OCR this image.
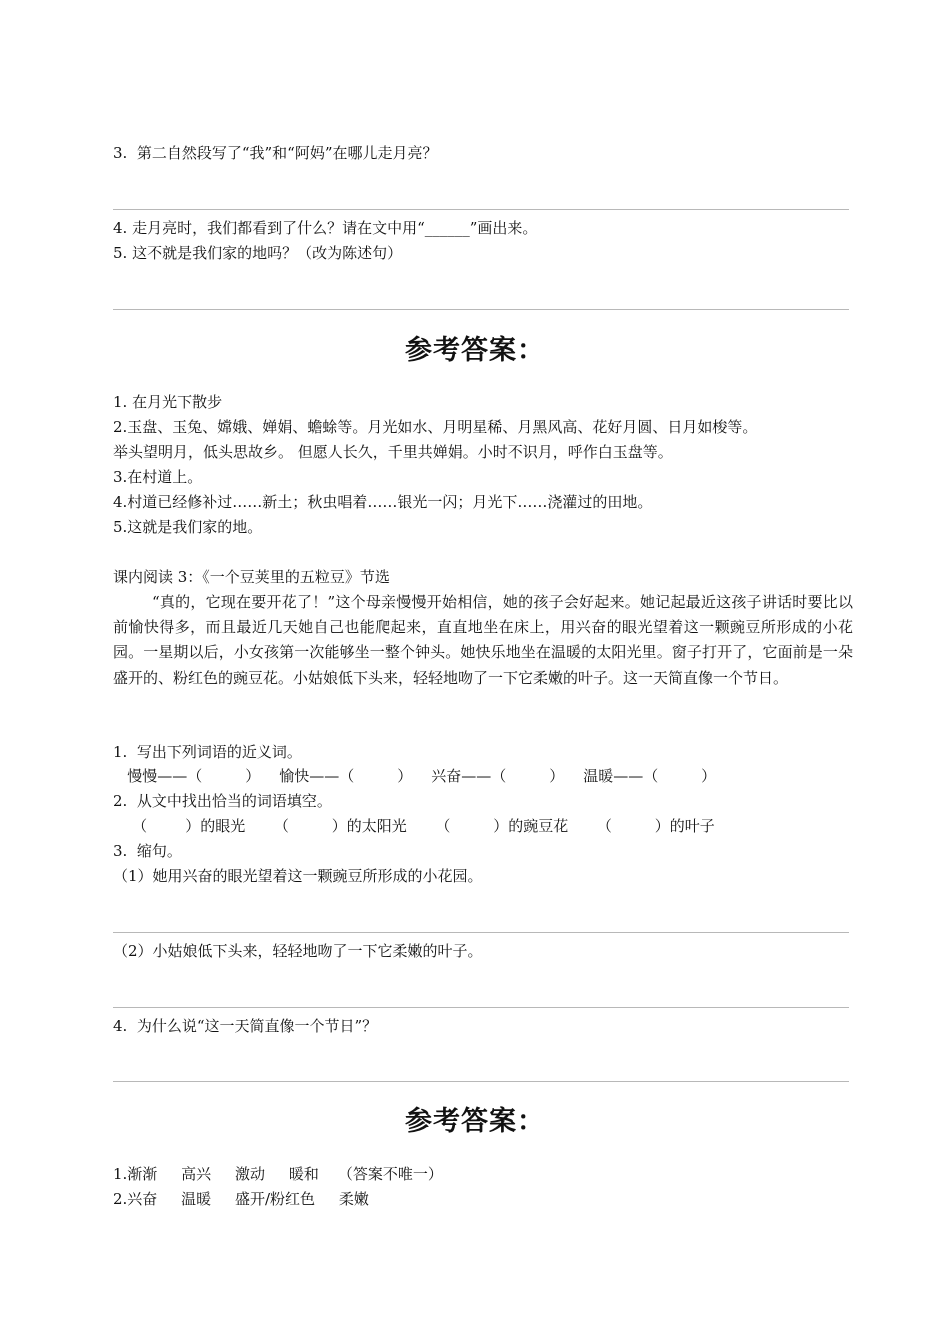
3.  第二自然段写了“我”和“阿妈”在哪儿走月亮？
4. 走月亮时，我们都看到了什么？请在文中用“______”画出来。
5. 这不就是我们家的地吗？（改为陈述句）
参考答案：
1. 在月光下散步
2.玉盘、玉兔、嫦娥、婵娟、蟾蜍等。月光如水、月明星稀、月黑风高、花好月圆、日月如梭等。
举头望明月，低头思故乡。 但愿人长久，千里共婵娟。小时不识月，呼作白玉盘等。
3.在村道上。
4.村道已经修补过……新土；秋虫唱着……银光一闪；月光下……浇灌过的田地。
5.这就是我们家的地。
课内阅读 3：《一个豆荚里的五粒豆》节选
“真的，它现在要开花了！”这个母亲慢慢开始相信，她的孩子会好起来。她记起最近这孩子讲话时要比以前愉快得多，而且最近几天她自己也能爬起来，直直地坐在床上，用兴奋的眼光望着这一颗豌豆所形成的小花园。一星期以后，小女孩第一次能够坐一整个钟头。她快乐地坐在温暖的太阳光里。窗子打开了，它面前是一朵盛开的、粉红色的豌豆花。小姑娘低下头来，轻轻地吻了一下它柔嫩的叶子。这一天简直像一个节日。
1.  写出下列词语的近义词。
慢慢——（         ）    愉快——（         ）    兴奋——（         ）    温暖——（         ）
2.  从文中找出恰当的词语填空。
（        ）的眼光      （         ）的太阳光      （         ）的豌豆花      （         ）的叶子
3.  缩句。
（1）她用兴奋的眼光望着这一颗豌豆所形成的小花园。
（2）小姑娘低下头来，轻轻地吻了一下它柔嫩的叶子。
4.  为什么说“这一天简直像一个节日”？
参考答案：
1.渐渐     高兴     激动     暖和    （答案不唯一）
2.兴奋     温暖     盛开/粉红色     柔嫩
